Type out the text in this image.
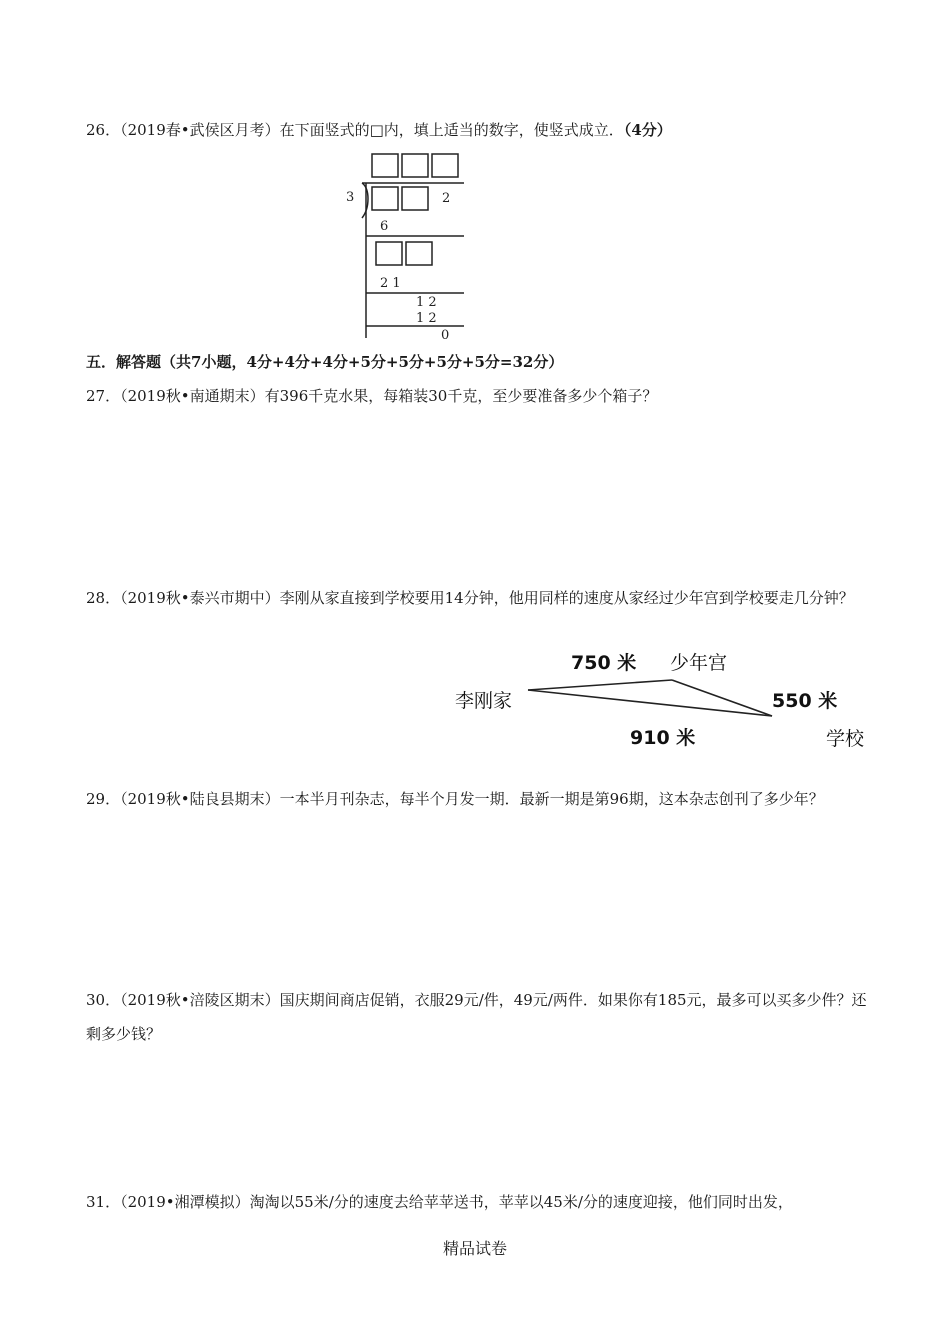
26．（2019春•武侯区月考）在下面竖式的□内，填上适当的数字，使竖式成立．（4分）

3	2
6
2 1
1 2
1 2
0
五．解答题（共7小题，4分+4分+4分+5分+5分+5分+5分=32分）

27．（2019秋•南通期末）有396千克水果，每箱装30千克，至少要准备多少个箱子？

28．（2019秋•泰兴市期中）李刚从家直接到学校要用14分钟，他用同样的速度从家经过少年宫到学校要走几分钟？

李刚家
少年宫
学校
750 米
550 米
910 米

29．（2019秋•陆良县期末）一本半月刊杂志，每半个月发一期．最新一期是第96期，这本杂志创刊了多少年？

30．（2019秋•涪陵区期末）国庆期间商店促销，衣服29元/件，49元/两件．如果你有185元，最多可以买多少件？还剩多少钱？

31．（2019•湘潭模拟）淘淘以55米/分的速度去给苹苹送书，苹苹以45米/分的速度迎接，他们同时出发，

精品试卷
